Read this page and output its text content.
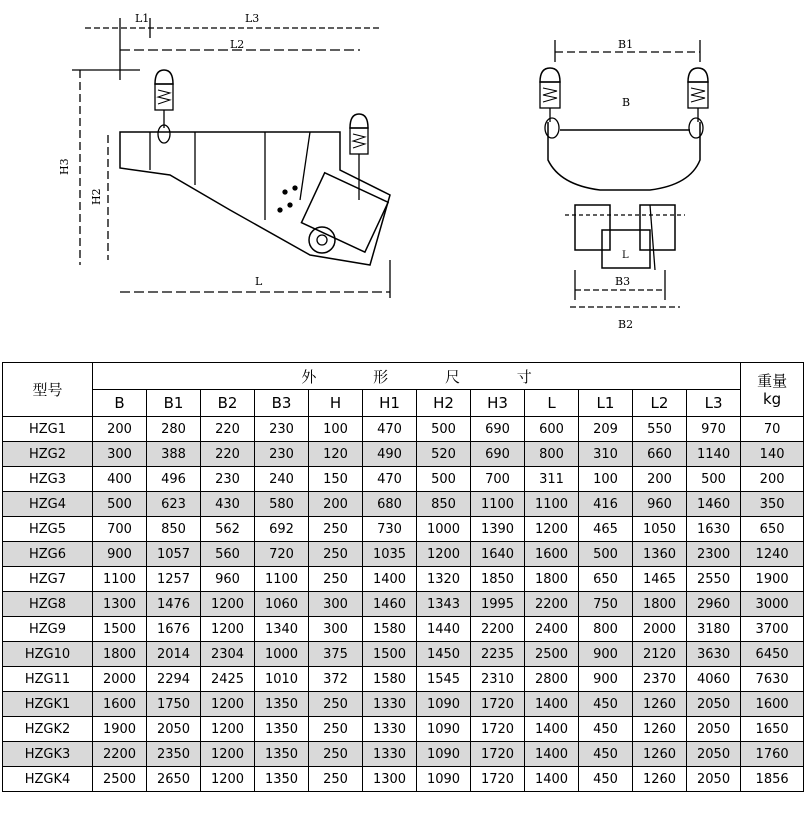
L1	L3
L2
H3
H2
L
B1
B
L
B3
B2
型号	外 形 尺 寸												重量
kg

	B	B1	B2	B3	H	H1	H2	H3	L	L1	L2	L3	
HZG1	200	280	220	230	100	470	500	690	600	209	550	970	70
HZG2	300	388	220	230	120	490	520	690	800	310	660	1140	140
HZG3	400	496	230	240	150	470	500	700	311	100	200	500	200
HZG4	500	623	430	580	200	680	850	1100	1100	416	960	1460	350
HZG5	700	850	562	692	250	730	1000	1390	1200	465	1050	1630	650
HZG6	900	1057	560	720	250	1035	1200	1640	1600	500	1360	2300	1240
HZG7	1100	1257	960	1100	250	1400	1320	1850	1800	650	1465	2550	1900
HZG8	1300	1476	1200	1060	300	1460	1343	1995	2200	750	1800	2960	3000
HZG9	1500	1676	1200	1340	300	1580	1440	2200	2400	800	2000	3180	3700
HZG10	1800	2014	2304	1000	375	1500	1450	2235	2500	900	2120	3630	6450
HZG11	2000	2294	2425	1010	372	1580	1545	2310	2800	900	2370	4060	7630
HZGK1	1600	1750	1200	1350	250	1330	1090	1720	1400	450	1260	2050	1600
HZGK2	1900	2050	1200	1350	250	1330	1090	1720	1400	450	1260	2050	1650
HZGK3	2200	2350	1200	1350	250	1330	1090	1720	1400	450	1260	2050	1760
HZGK4	2500	2650	1200	1350	250	1300	1090	1720	1400	450	1260	2050	1856
